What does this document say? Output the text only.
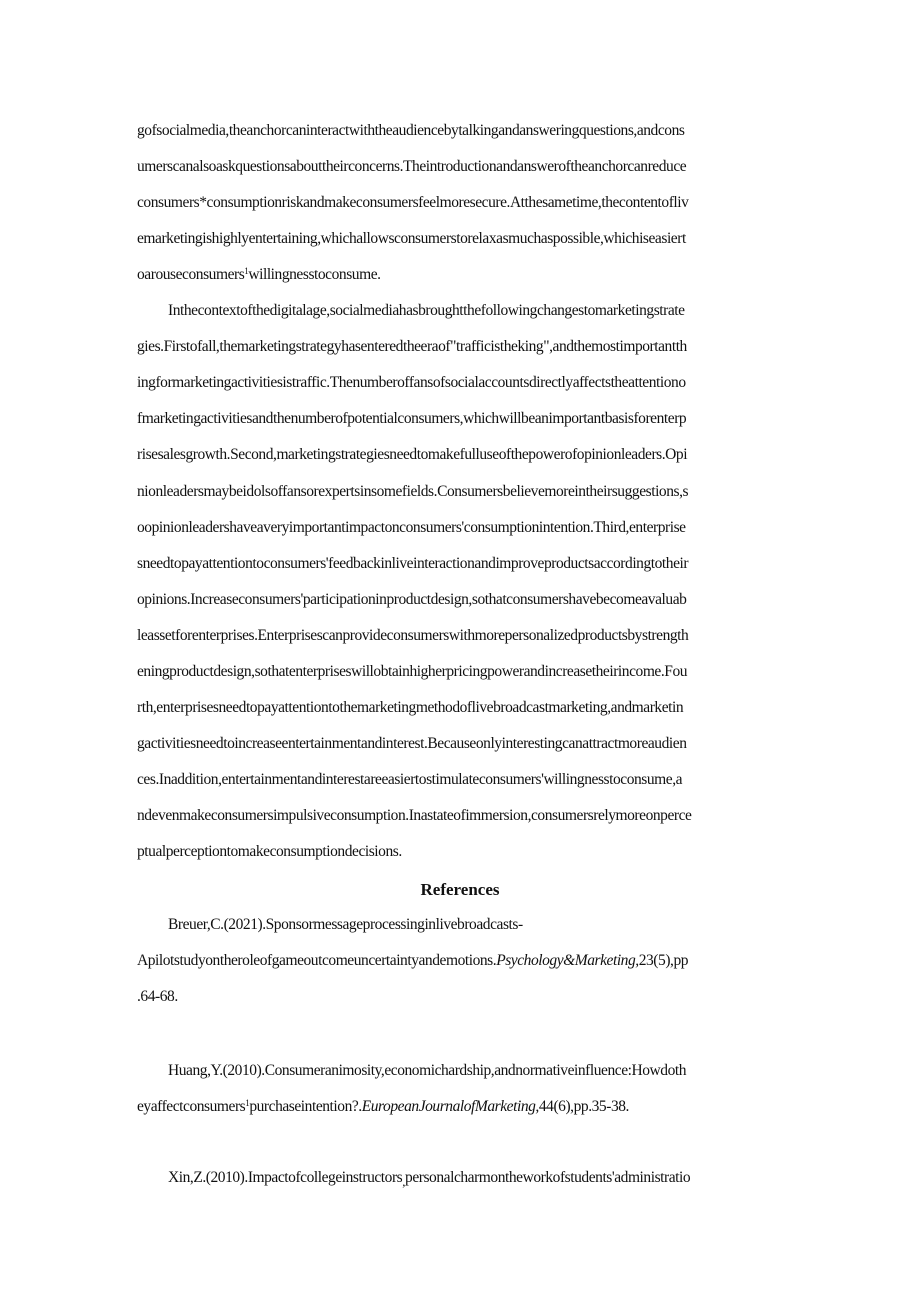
gofsocialmedia,theanchorcaninteractwiththeaudiencebytalkingandansweringquestions,andcons

umerscanalsoaskquestionsabouttheirconcerns.Theintroductionandansweroftheanchorcanreduce

consumers*consumptionriskandmakeconsumersfeelmoresecure.Atthesametime,thecontentofliv

emarketingishighlyentertaining,whichallowsconsumerstorelaxasmuchaspossible,whichiseasiert

oarouseconsumers$^1$willingnesstoconsume.

Inthecontextofthedigitalage,socialmediahasbroughtthefollowingchangestomarketingstrate

gies.Firstofall,themarketingstrategyhasenteredtheeraof"trafficistheking",andthemostimportantth

ingformarketingactivitiesistraffic.Thenumberoffansofsocialaccountsdirectlyaffectstheattentiono

fmarketingactivitiesandthenumberofpotentialconsumers,whichwillbeanimportantbasisforenterp

risesalesgrowth.Second,marketingstrategiesneedtomakefulluseofthepowerofopinionleaders.Opi

nionleadersmaybeidolsoffansorexpertsinsomefields.Consumersbelievemoreintheirsuggestions,s

oopinionleadershaveaveryimportantimpactonconsumers'consumptionintention.Third,enterprise

sneedtopayattentiontoconsumers'feedbackinliveinteractionandimproveproductsaccordingtotheir

opinions.Increaseconsumers'participationinproductdesign,sothatconsumershavebecomeavaluab

leassetforenterprises.Enterprisescanprovideconsumerswithmorepersonalizedproductsbystrength

eningproductdesign,sothatenterpriseswillobtainhigherpricingpowerandincreasetheirincome.Fou

rth,enterprisesneedtopayattentiontothemarketingmethodoflivebroadcastmarketing,andmarketin

gactivitiesneedtoincreaseentertainmentandinterest.Becauseonlyinterestingcanattractmoreaudien

ces.Inaddition,entertainmentandinterestareeasiertostimulateconsumers'willingnesstoconsume,a

ndevenmakeconsumersimpulsiveconsumption.Inastateofimmersion,consumersrelymoreonperce

ptualperceptiontomakeconsumptiondecisions.

References

Breuer,C.(2021).Sponsormessageprocessinginlivebroadcasts-

Apilotstudyontheroleofgameoutcomeuncertaintyandemotions.Psychology&Marketing,23(5),pp

.64-68.

Huang,Y.(2010).Consumeranimosity,economichardship,andnormativeinfluence:Howdoth

eyaffectconsumers$^1$purchaseintention?.EuropeanJournalofMarketing,44(6),pp.35-38.

Xin,Z.(2010).Impactofcollegeinstructors$_,$personalcharmontheworkofstudents'administratio
